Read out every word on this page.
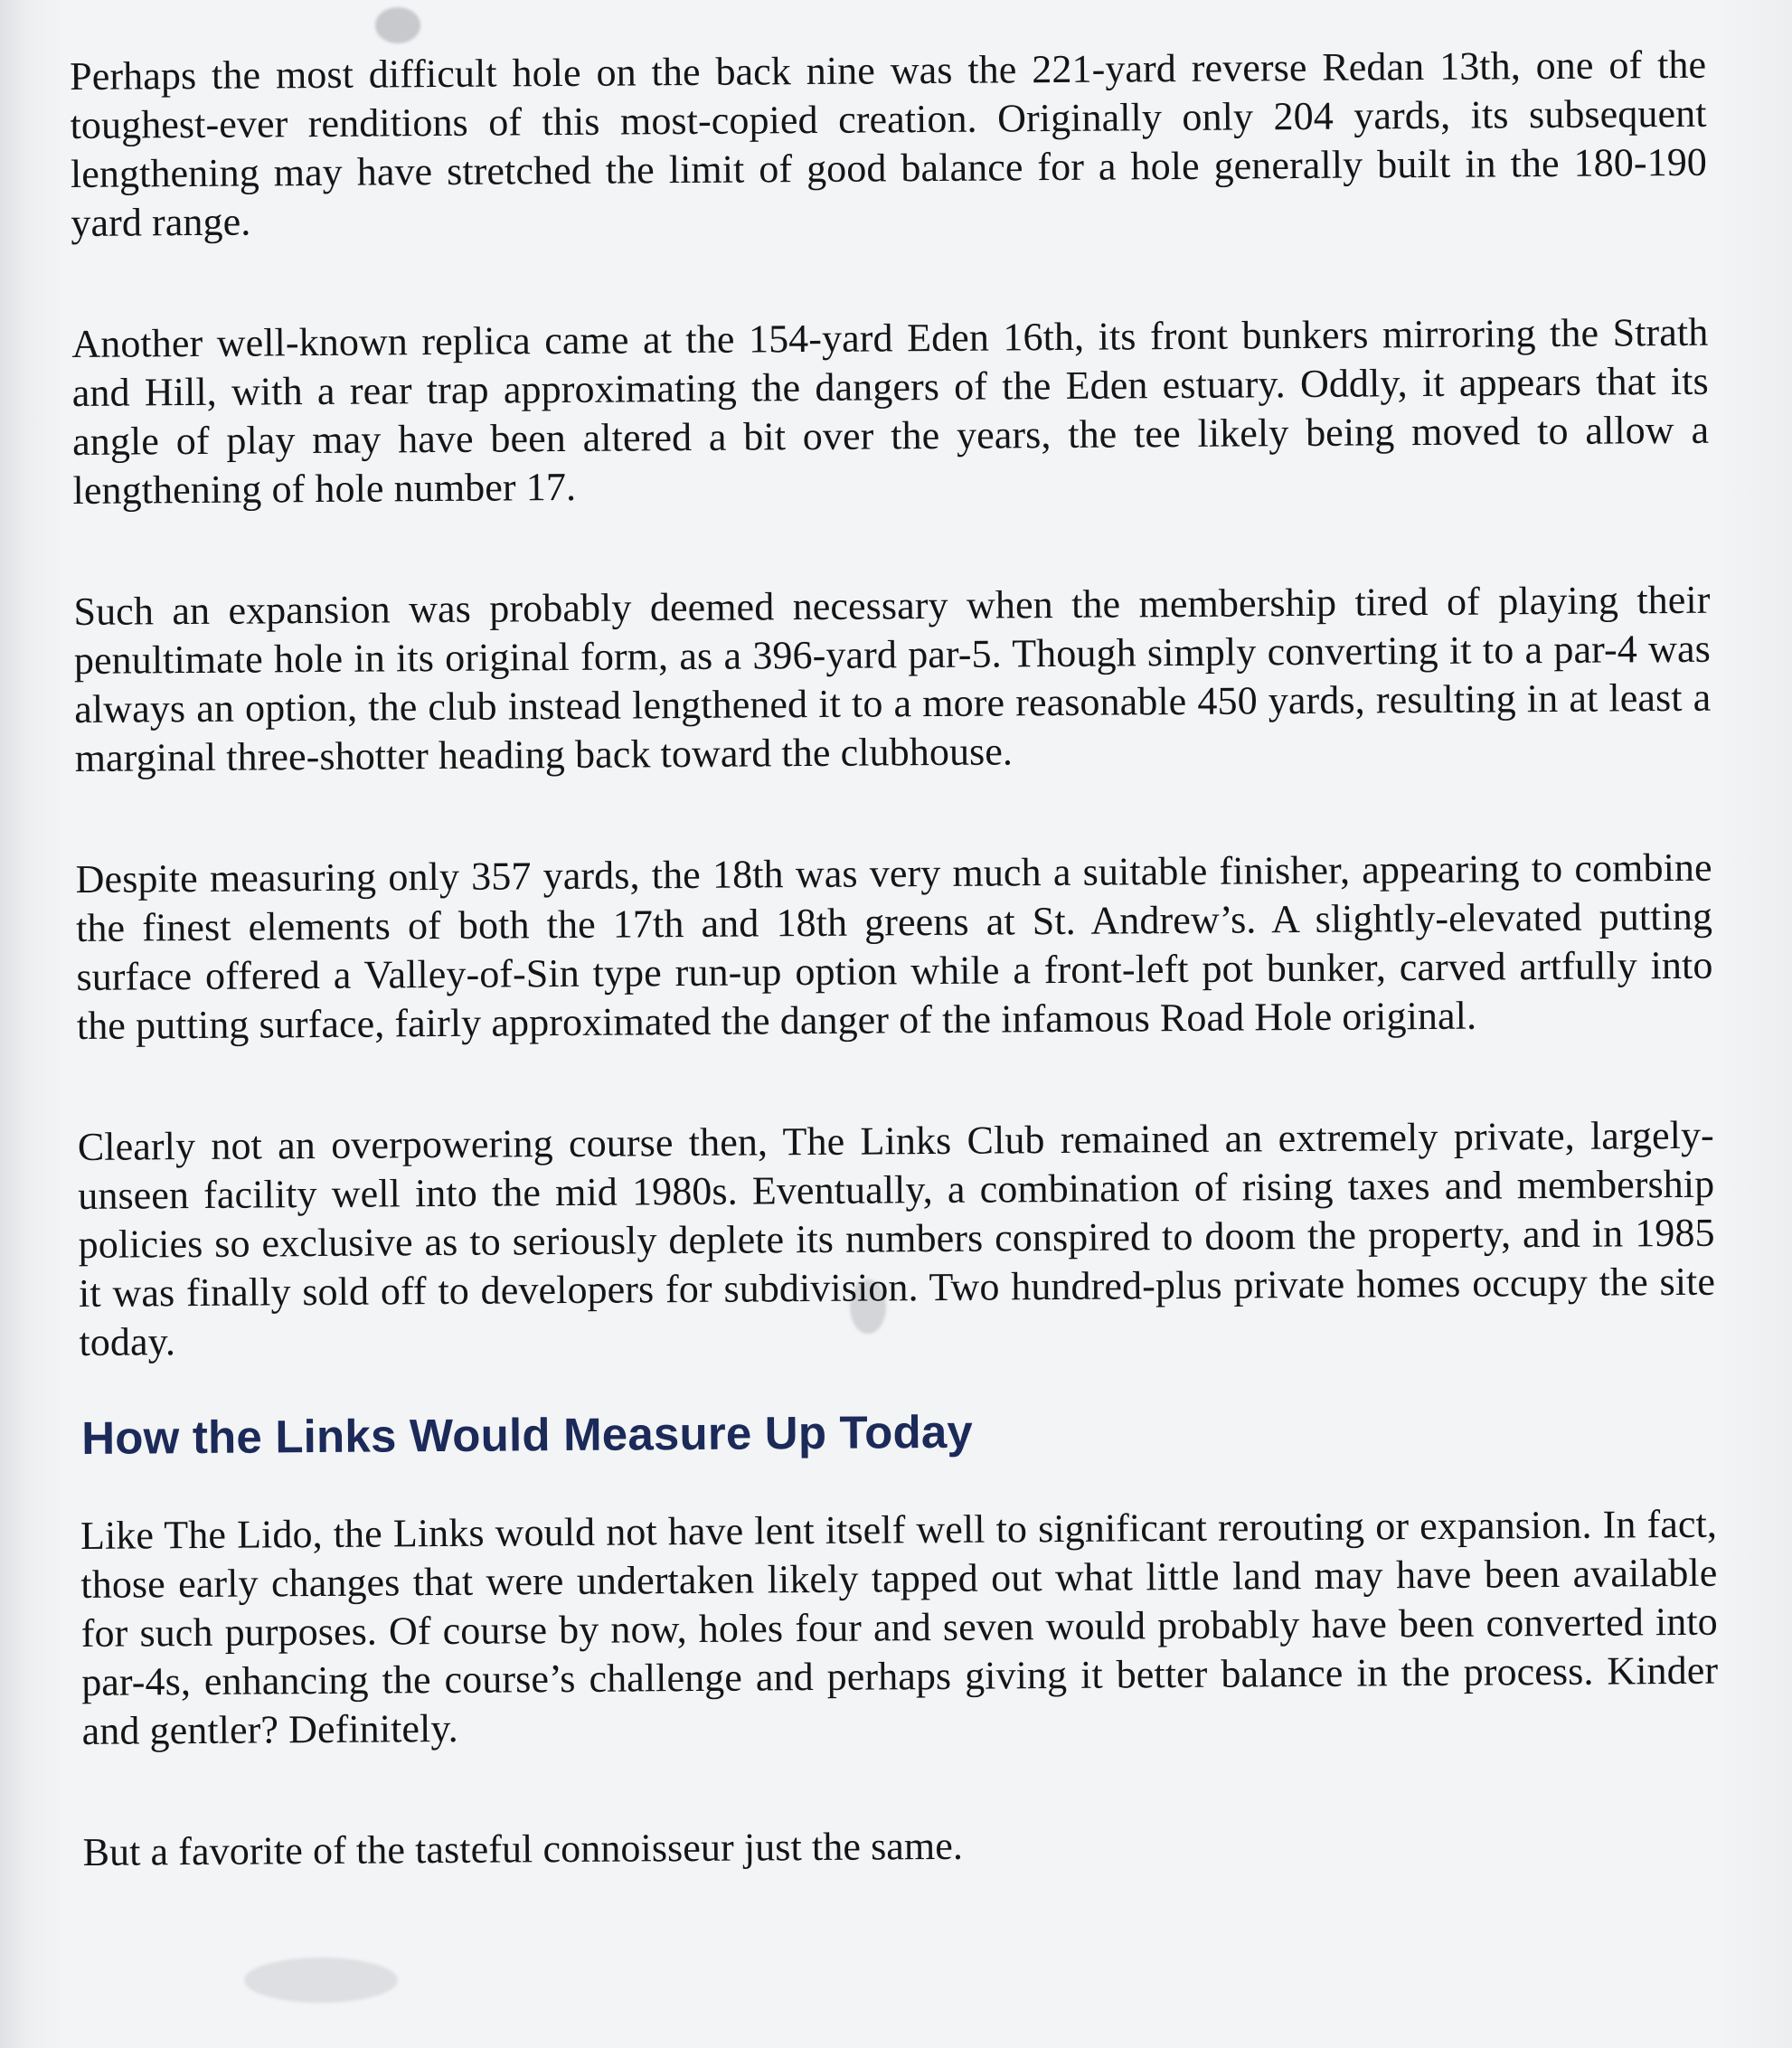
Perhaps the most difficult hole on the back nine was the 221-yard reverse Redan 13th, one of the toughest-ever renditions of this most-copied creation. Originally only 204 yards, its subsequent lengthening may have stretched the limit of good balance for a hole generally built in the 180-190 yard range.

Another well-known replica came at the 154-yard Eden 16th, its front bunkers mirroring the Strath and Hill, with a rear trap approximating the dangers of the Eden estuary. Oddly, it appears that its angle of play may have been altered a bit over the years, the tee likely being moved to allow a lengthening of hole number 17.

Such an expansion was probably deemed necessary when the membership tired of playing their penultimate hole in its original form, as a 396-yard par-5. Though simply converting it to a par-4 was always an option, the club instead lengthened it to a more reasonable 450 yards, resulting in at least a marginal three-shotter heading back toward the clubhouse.

Despite measuring only 357 yards, the 18th was very much a suitable finisher, appearing to combine the finest elements of both the 17th and 18th greens at St. Andrew’s. A slightly-elevated putting surface offered a Valley-of-Sin type run-up option while a front-left pot bunker, carved artfully into the putting surface, fairly approximated the danger of the infamous Road Hole original.

Clearly not an overpowering course then, The Links Club remained an extremely private, largely-unseen facility well into the mid 1980s. Eventually, a combination of rising taxes and membership policies so exclusive as to seriously deplete its numbers conspired to doom the property, and in 1985 it was finally sold off to developers for subdivision. Two hundred-plus private homes occupy the site today.

How the Links Would Measure Up Today

Like The Lido, the Links would not have lent itself well to significant rerouting or expansion. In fact, those early changes that were undertaken likely tapped out what little land may have been available for such purposes. Of course by now, holes four and seven would probably have been converted into par-4s, enhancing the course’s challenge and perhaps giving it better balance in the process. Kinder and gentler? Definitely.

But a favorite of the tasteful connoisseur just the same.
